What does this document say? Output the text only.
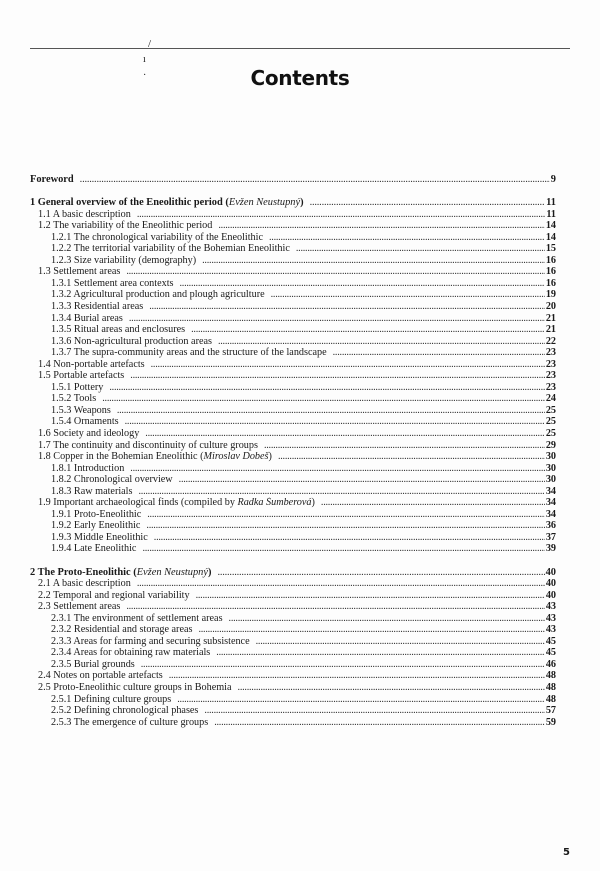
/
ı
·	Contents
Foreword . . .	9
1 General overview of the Eneolithic period (Evžen Neustupný) . . .	11
1.1 A basic description . . .	11
1.2 The variability of the Eneolithic period . . .	14
1.2.1 The chronological variability of the Eneolithic . . .	14
1.2.2 The territorial variability of the Bohemian Eneolithic . . .	15
1.2.3 Size variability (demography) . . .	16
1.3 Settlement areas . . .	16
1.3.1 Settlement area contexts . . .	16
1.3.2 Agricultural production and plough agriculture . . .	19
1.3.3 Residential areas . . .	20
1.3.4 Burial areas . . .	21
1.3.5 Ritual areas and enclosures . . .	21
1.3.6 Non-agricultural production areas . . .	22
1.3.7 The supra-community areas and the structure of the landscape . . .	23
1.4 Non-portable artefacts . . .	23
1.5 Portable artefacts . . .	23
1.5.1 Pottery . . .	23
1.5.2 Tools . . .	24
1.5.3 Weapons . . .	25
1.5.4 Ornaments . . .	25
1.6 Society and ideology . . .	25
1.7 The continuity and discontinuity of culture groups . . .	29
1.8 Copper in the Bohemian Eneolithic (Miroslav Dobeš) . . .	30
1.8.1 Introduction . . .	30
1.8.2 Chronological overview . . .	30
1.8.3 Raw materials . . .	34
1.9 Important archaeological finds (compiled by Radka Šumberová) . . .	34
1.9.1 Proto-Eneolithic . . .	34
1.9.2 Early Eneolithic . . .	36
1.9.3 Middle Eneolithic . . .	37
1.9.4 Late Eneolithic . . .	39
2 The Proto-Eneolithic (Evžen Neustupný) . . .	40
2.1 A basic description . . .	40
2.2 Temporal and regional variability . . .	40
2.3 Settlement areas . . .	43
2.3.1 The environment of settlement areas . . .	43
2.3.2 Residential and storage areas . . .	43
2.3.3 Areas for farming and securing subsistence . . .	45
2.3.4 Areas for obtaining raw materials . . .	45
2.3.5 Burial grounds . . .	46
2.4 Notes on portable artefacts . . .	48
2.5 Proto-Eneolithic culture groups in Bohemia . . .	48
2.5.1 Defining culture groups . . .	48
2.5.2 Defining chronological phases . . .	57
2.5.3 The emergence of culture groups . . .	59
5
